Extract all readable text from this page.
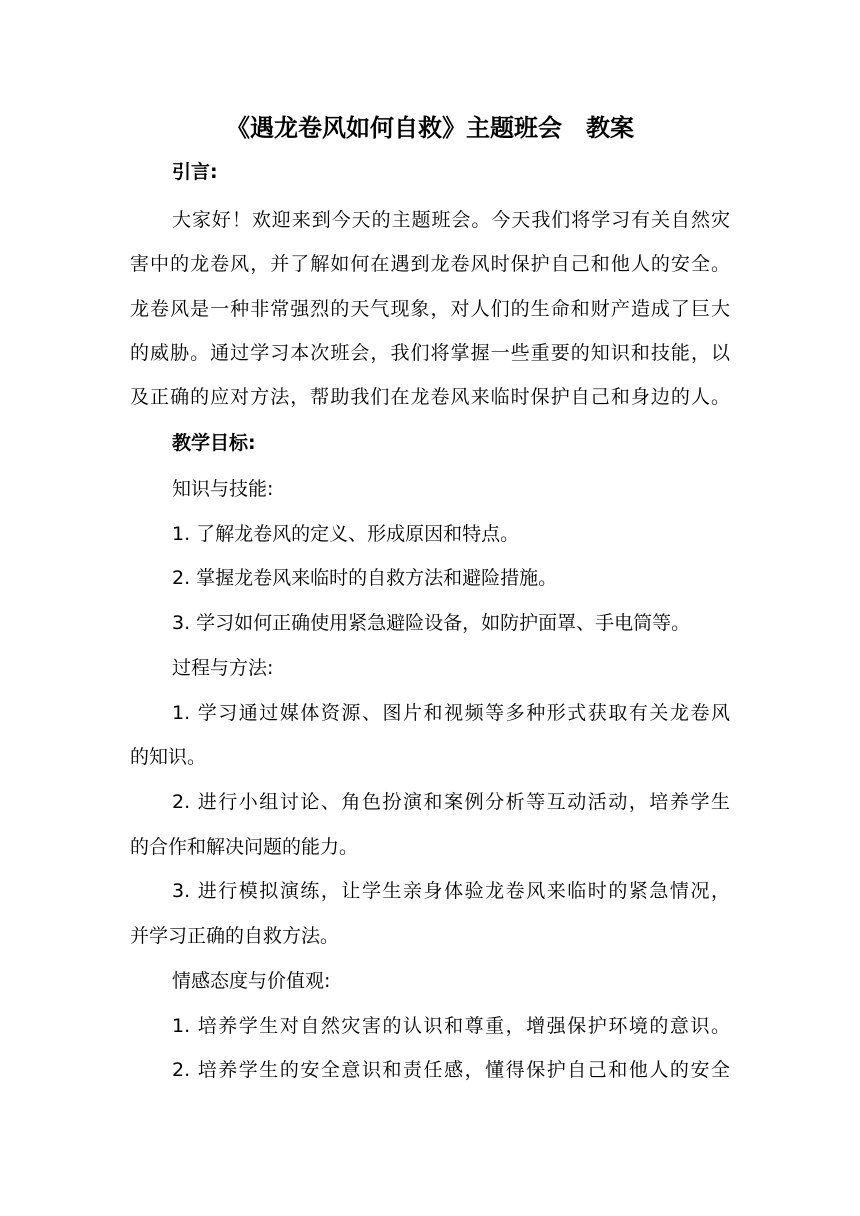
《遇龙卷风如何自救》主题班会　教案
引言:
大家好！欢迎来到今天的主题班会。今天我们将学习有关自然灾
害中的龙卷风，并了解如何在遇到龙卷风时保护自己和他人的安全。
龙卷风是一种非常强烈的天气现象，对人们的生命和财产造成了巨大
的威胁。通过学习本次班会，我们将掌握一些重要的知识和技能，以
及正确的应对方法，帮助我们在龙卷风来临时保护自己和身边的人。
教学目标:
知识与技能:
1. 了解龙卷风的定义、形成原因和特点。
2. 掌握龙卷风来临时的自救方法和避险措施。
3. 学习如何正确使用紧急避险设备，如防护面罩、手电筒等。
过程与方法:
1. 学习通过媒体资源、图片和视频等多种形式获取有关龙卷风
的知识。
2. 进行小组讨论、角色扮演和案例分析等互动活动，培养学生
的合作和解决问题的能力。
3. 进行模拟演练，让学生亲身体验龙卷风来临时的紧急情况，
并学习正确的自救方法。
情感态度与价值观:
1. 培养学生对自然灾害的认识和尊重，增强保护环境的意识。
2. 培养学生的安全意识和责任感，懂得保护自己和他人的安全
